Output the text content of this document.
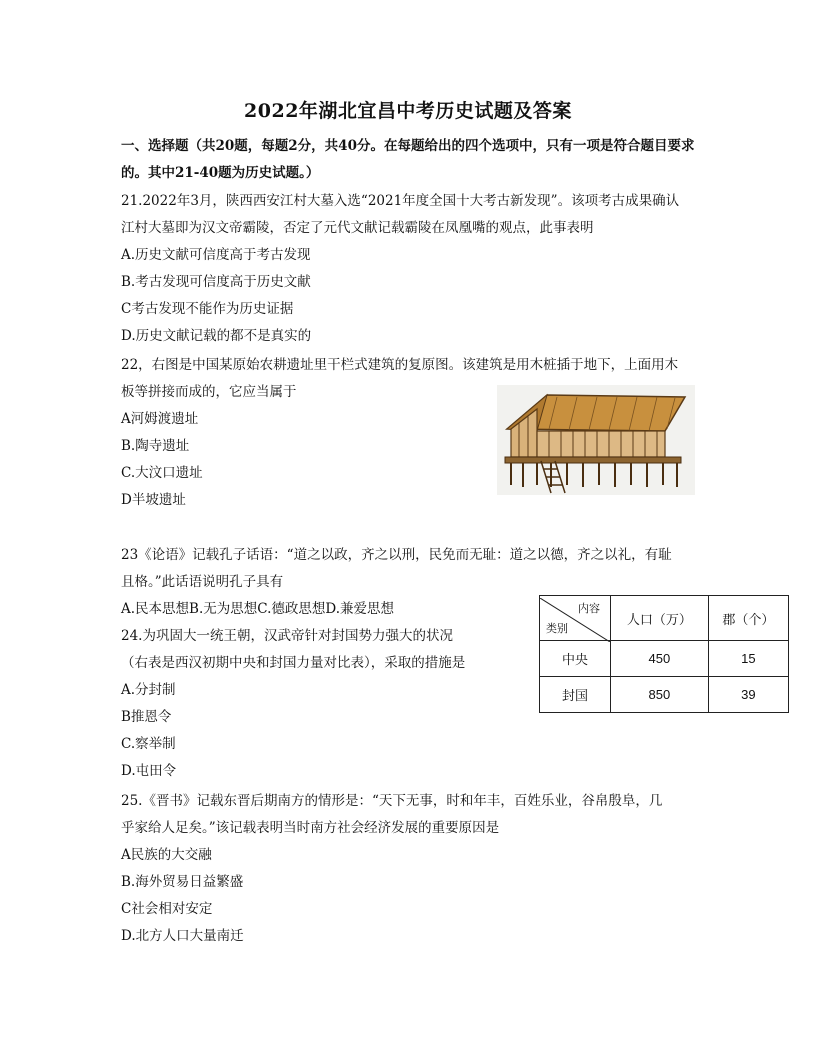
2022年湖北宜昌中考历史试题及答案
一、选择题（共20题，每题2分，共40分。在每题给出的四个选项中，只有一项是符合题目要求的。其中21-40题为历史试题。）
21.2022年3月，陕西西安江村大墓入选“2021年度全国十大考古新发现”。该项考古成果确认
江村大墓即为汉文帝霸陵，否定了元代文献记载霸陵在凤凰嘴的观点，此事表明
A.历史文献可信度高于考古发现
B.考古发现可信度高于历史文献
C考古发现不能作为历史证据
D.历史文献记载的都不是真实的
22，右图是中国某原始农耕遗址里干栏式建筑的复原图。该建筑是用木桩插于地下，上面用木
板等拼接而成的，它应当属于
A河姆渡遗址
B.陶寺遗址
C.大汶口遗址
D半坡遗址
23《论语》记载孔子话语：“道之以政，齐之以刑，民免而无耻：道之以德，齐之以礼，有耻
且格。”此话语说明孔子具有
A.民本思想B.无为思想C.德政思想D.兼爱思想
24.为巩固大一统王朝，汉武帝针对封国势力强大的状况
（右表是西汉初期中央和封国力量对比表），采取的措施是
A.分封制
B推恩令
C.察举制
D.屯田令
内容
类别	人口（万）	郡（个）
中央	450	15
封国	850	39
25.《晋书》记载东晋后期南方的情形是：“天下无事，时和年丰，百姓乐业，谷帛殷阜，几
乎家给人足矣。”该记载表明当时南方社会经济发展的重要原因是
A民族的大交融
B.海外贸易日益繁盛
C社会相对安定
D.北方人口大量南迁
